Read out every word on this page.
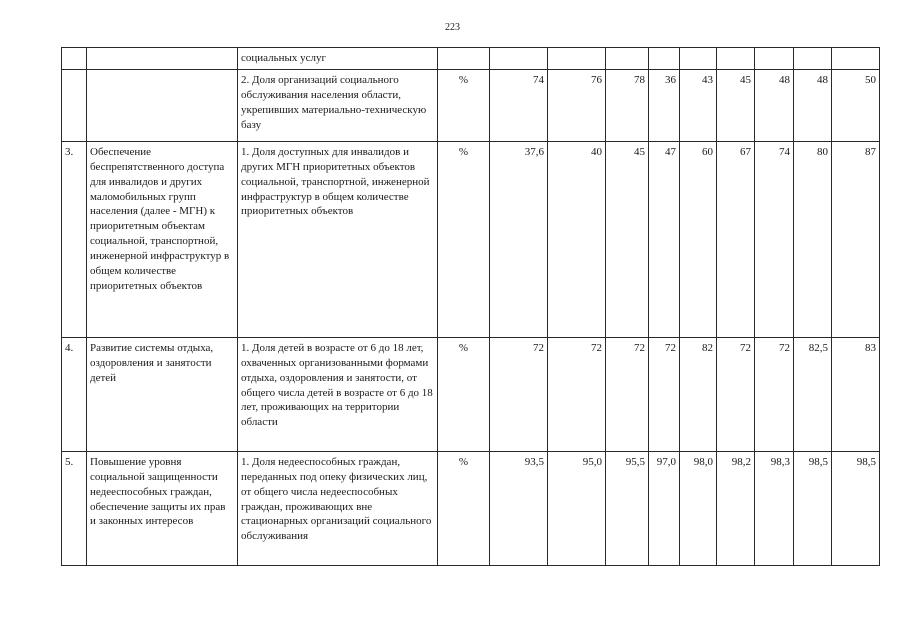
223
		социальных услуг										
		2. Доля организаций социального обслуживания населения области, укрепивших материально-техническую базу	%	74	76	78	36	43	45	48	48	50
3.	Обеспечение беспрепятственного доступа для инвалидов и других маломобильных групп населения (далее - МГН) к приоритетным объектам социальной, транспортной, инженерной инфраструктур в общем количестве приоритетных объектов	1. Доля доступных для инвалидов и других МГН приоритетных объектов социальной, транспортной, инженерной инфраструктур в общем количестве приоритетных объектов	%	37,6	40	45	47	60	67	74	80	87
4.	Развитие системы отдыха, оздоровления и занятости детей	1. Доля детей в возрасте от 6 до 18 лет, охваченных организованными формами отдыха, оздоровления и занятости, от общего числа детей в возрасте от 6 до 18 лет, проживающих на территории области	%	72	72	72	72	82	72	72	82,5	83
5.	Повышение уровня социальной защищенности недееспособных граждан, обеспечение защиты их прав и законных интересов	1. Доля недееспособных граждан, переданных под опеку физических лиц, от общего числа недееспособных граждан, проживающих вне стационарных организаций социального обслуживания	%	93,5	95,0	95,5	97,0	98,0	98,2	98,3	98,5	98,5
